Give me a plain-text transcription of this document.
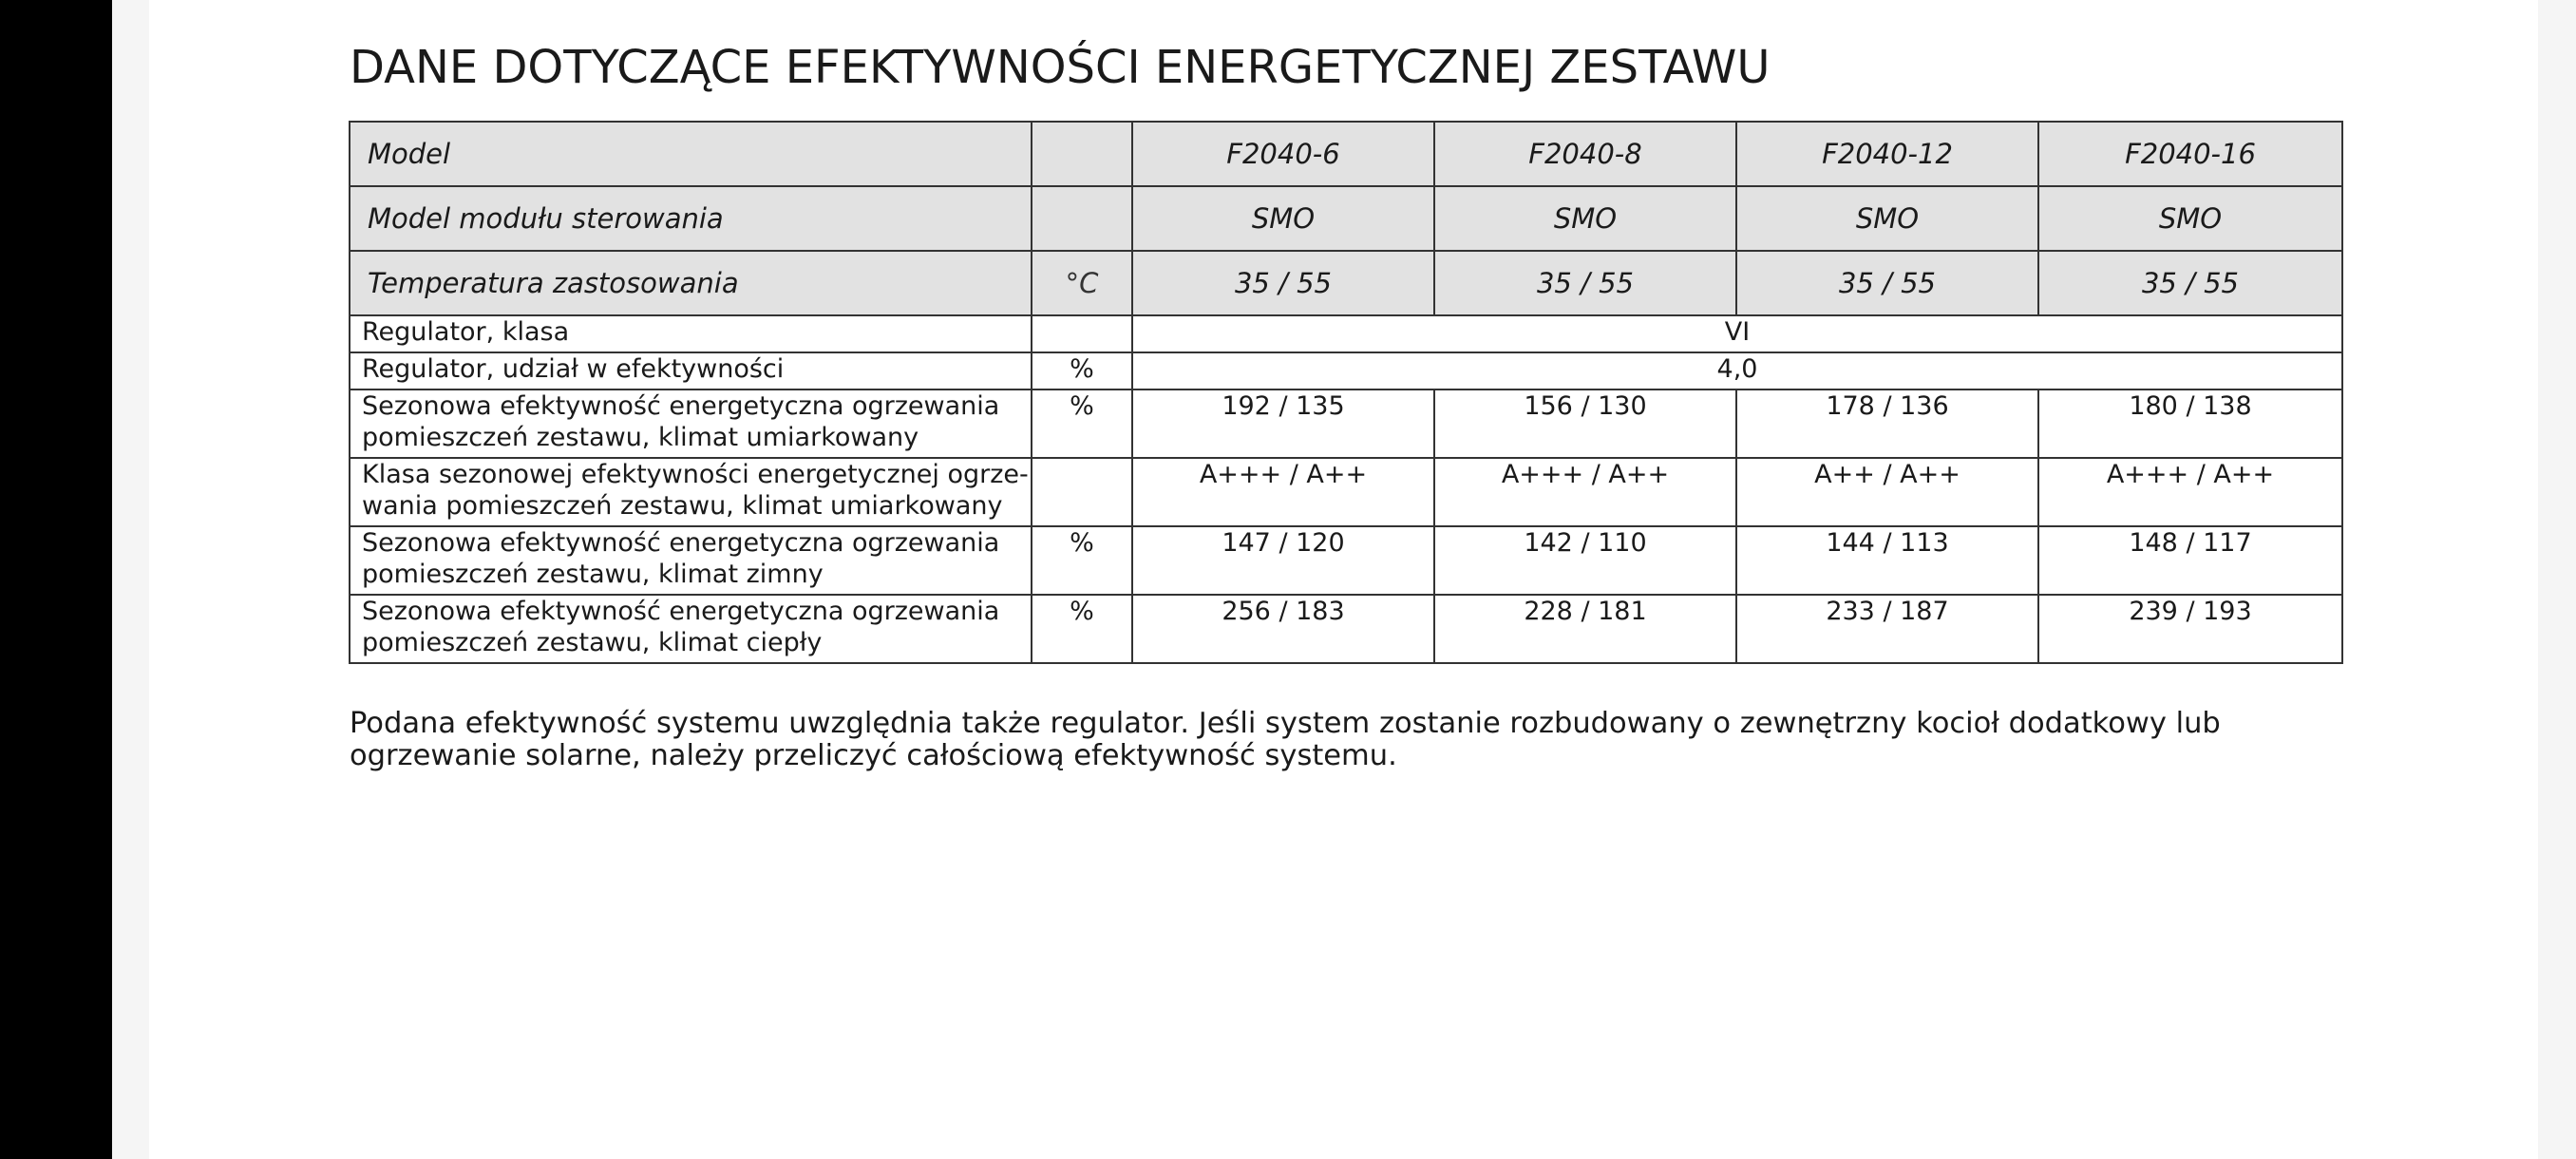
DANE DOTYCZĄCE EFEKTYWNOŚCI ENERGETYCZNEJ ZESTAWU
Model		F2040-6	F2040-8	F2040-12	F2040-16
Model modułu sterowania		SMO	SMO	SMO	SMO
Temperatura zastosowania	°C	35 / 55	35 / 55	35 / 55	35 / 55
Regulator, klasa		VI			
Regulator, udział w efektywności	%	4,0			
Sezonowa efektywność energetyczna ogrzewania
pomieszczeń zestawu, klimat umiarkowany	%	192 / 135	156 / 130	178 / 136	180 / 138
Klasa sezonowej efektywności energetycznej ogrze-
wania pomieszczeń zestawu, klimat umiarkowany		A+++ / A++	A+++ / A++	A++ / A++	A+++ / A++
Sezonowa efektywność energetyczna ogrzewania
pomieszczeń zestawu, klimat zimny	%	147 / 120	142 / 110	144 / 113	148 / 117
Sezonowa efektywność energetyczna ogrzewania
pomieszczeń zestawu, klimat ciepły	%	256 / 183	228 / 181	233 / 187	239 / 193

Podana efektywność systemu uwzględnia także regulator. Jeśli system zostanie rozbudowany o zewnętrzny kocioł dodatkowy lub ogrzewanie solarne, należy przeliczyć całościową efektywność systemu.
